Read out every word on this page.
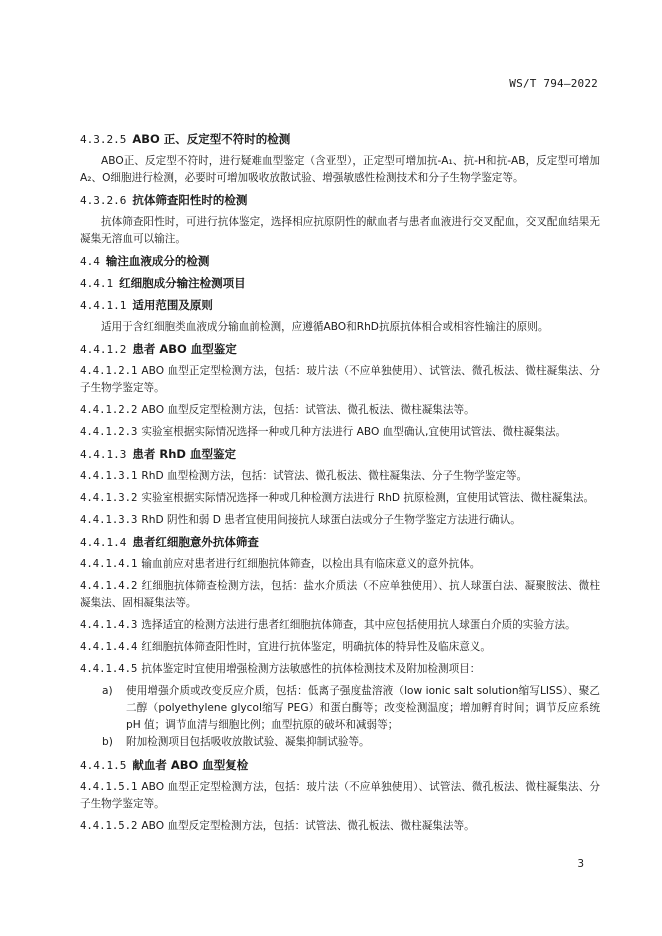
WS/T 794—2022
4.3.2.5 ABO 正、反定型不符时的检测
ABO正、反定型不符时，进行疑难血型鉴定（含亚型），正定型可增加抗-A₁、抗-H和抗-AB，反定型可增加A₂、O细胞进行检测，必要时可增加吸收放散试验、增强敏感性检测技术和分子生物学鉴定等。
4.3.2.6 抗体筛查阳性时的检测
抗体筛查阳性时，可进行抗体鉴定，选择相应抗原阴性的献血者与患者血液进行交叉配血，交叉配血结果无凝集无溶血可以输注。
4.4 输注血液成分的检测
4.4.1 红细胞成分输注检测项目
4.4.1.1 适用范围及原则
适用于含红细胞类血液成分输血前检测，应遵循ABO和RhD抗原抗体相合或相容性输注的原则。
4.4.1.2 患者 ABO 血型鉴定
4.4.1.2.1 ABO 血型正定型检测方法，包括：玻片法（不应单独使用）、试管法、微孔板法、微柱凝集法、分子生物学鉴定等。
4.4.1.2.2 ABO 血型反定型检测方法，包括：试管法、微孔板法、微柱凝集法等。
4.4.1.2.3 实验室根据实际情况选择一种或几种方法进行 ABO 血型确认,宜使用试管法、微柱凝集法。
4.4.1.3 患者 RhD 血型鉴定
4.4.1.3.1 RhD 血型检测方法，包括：试管法、微孔板法、微柱凝集法、分子生物学鉴定等。
4.4.1.3.2 实验室根据实际情况选择一种或几种检测方法进行 RhD 抗原检测，宜使用试管法、微柱凝集法。
4.4.1.3.3 RhD 阴性和弱 D 患者宜使用间接抗人球蛋白法或分子生物学鉴定方法进行确认。
4.4.1.4 患者红细胞意外抗体筛查
4.4.1.4.1 输血前应对患者进行红细胞抗体筛查，以检出具有临床意义的意外抗体。
4.4.1.4.2 红细胞抗体筛查检测方法，包括：盐水介质法（不应单独使用）、抗人球蛋白法、凝聚胺法、微柱凝集法、固相凝集法等。
4.4.1.4.3 选择适宜的检测方法进行患者红细胞抗体筛查，其中应包括使用抗人球蛋白介质的实验方法。
4.4.1.4.4 红细胞抗体筛查阳性时，宜进行抗体鉴定，明确抗体的特异性及临床意义。
4.4.1.4.5 抗体鉴定时宜使用增强检测方法敏感性的抗体检测技术及附加检测项目：
a)	使用增强介质或改变反应介质，包括：低离子强度盐溶液（low ionic salt solution缩写LISS）、聚乙二醇（polyethylene glycol缩写 PEG）和蛋白酶等；改变检测温度；增加孵育时间；调节反应系统 pH 值；调节血清与细胞比例；血型抗原的破坏和减弱等；
b)	附加检测项目包括吸收放散试验、凝集抑制试验等。
4.4.1.5 献血者 ABO 血型复检
4.4.1.5.1 ABO 血型正定型检测方法，包括：玻片法（不应单独使用）、试管法、微孔板法、微柱凝集法、分子生物学鉴定等。
4.4.1.5.2 ABO 血型反定型检测方法，包括：试管法、微孔板法、微柱凝集法等。
3
